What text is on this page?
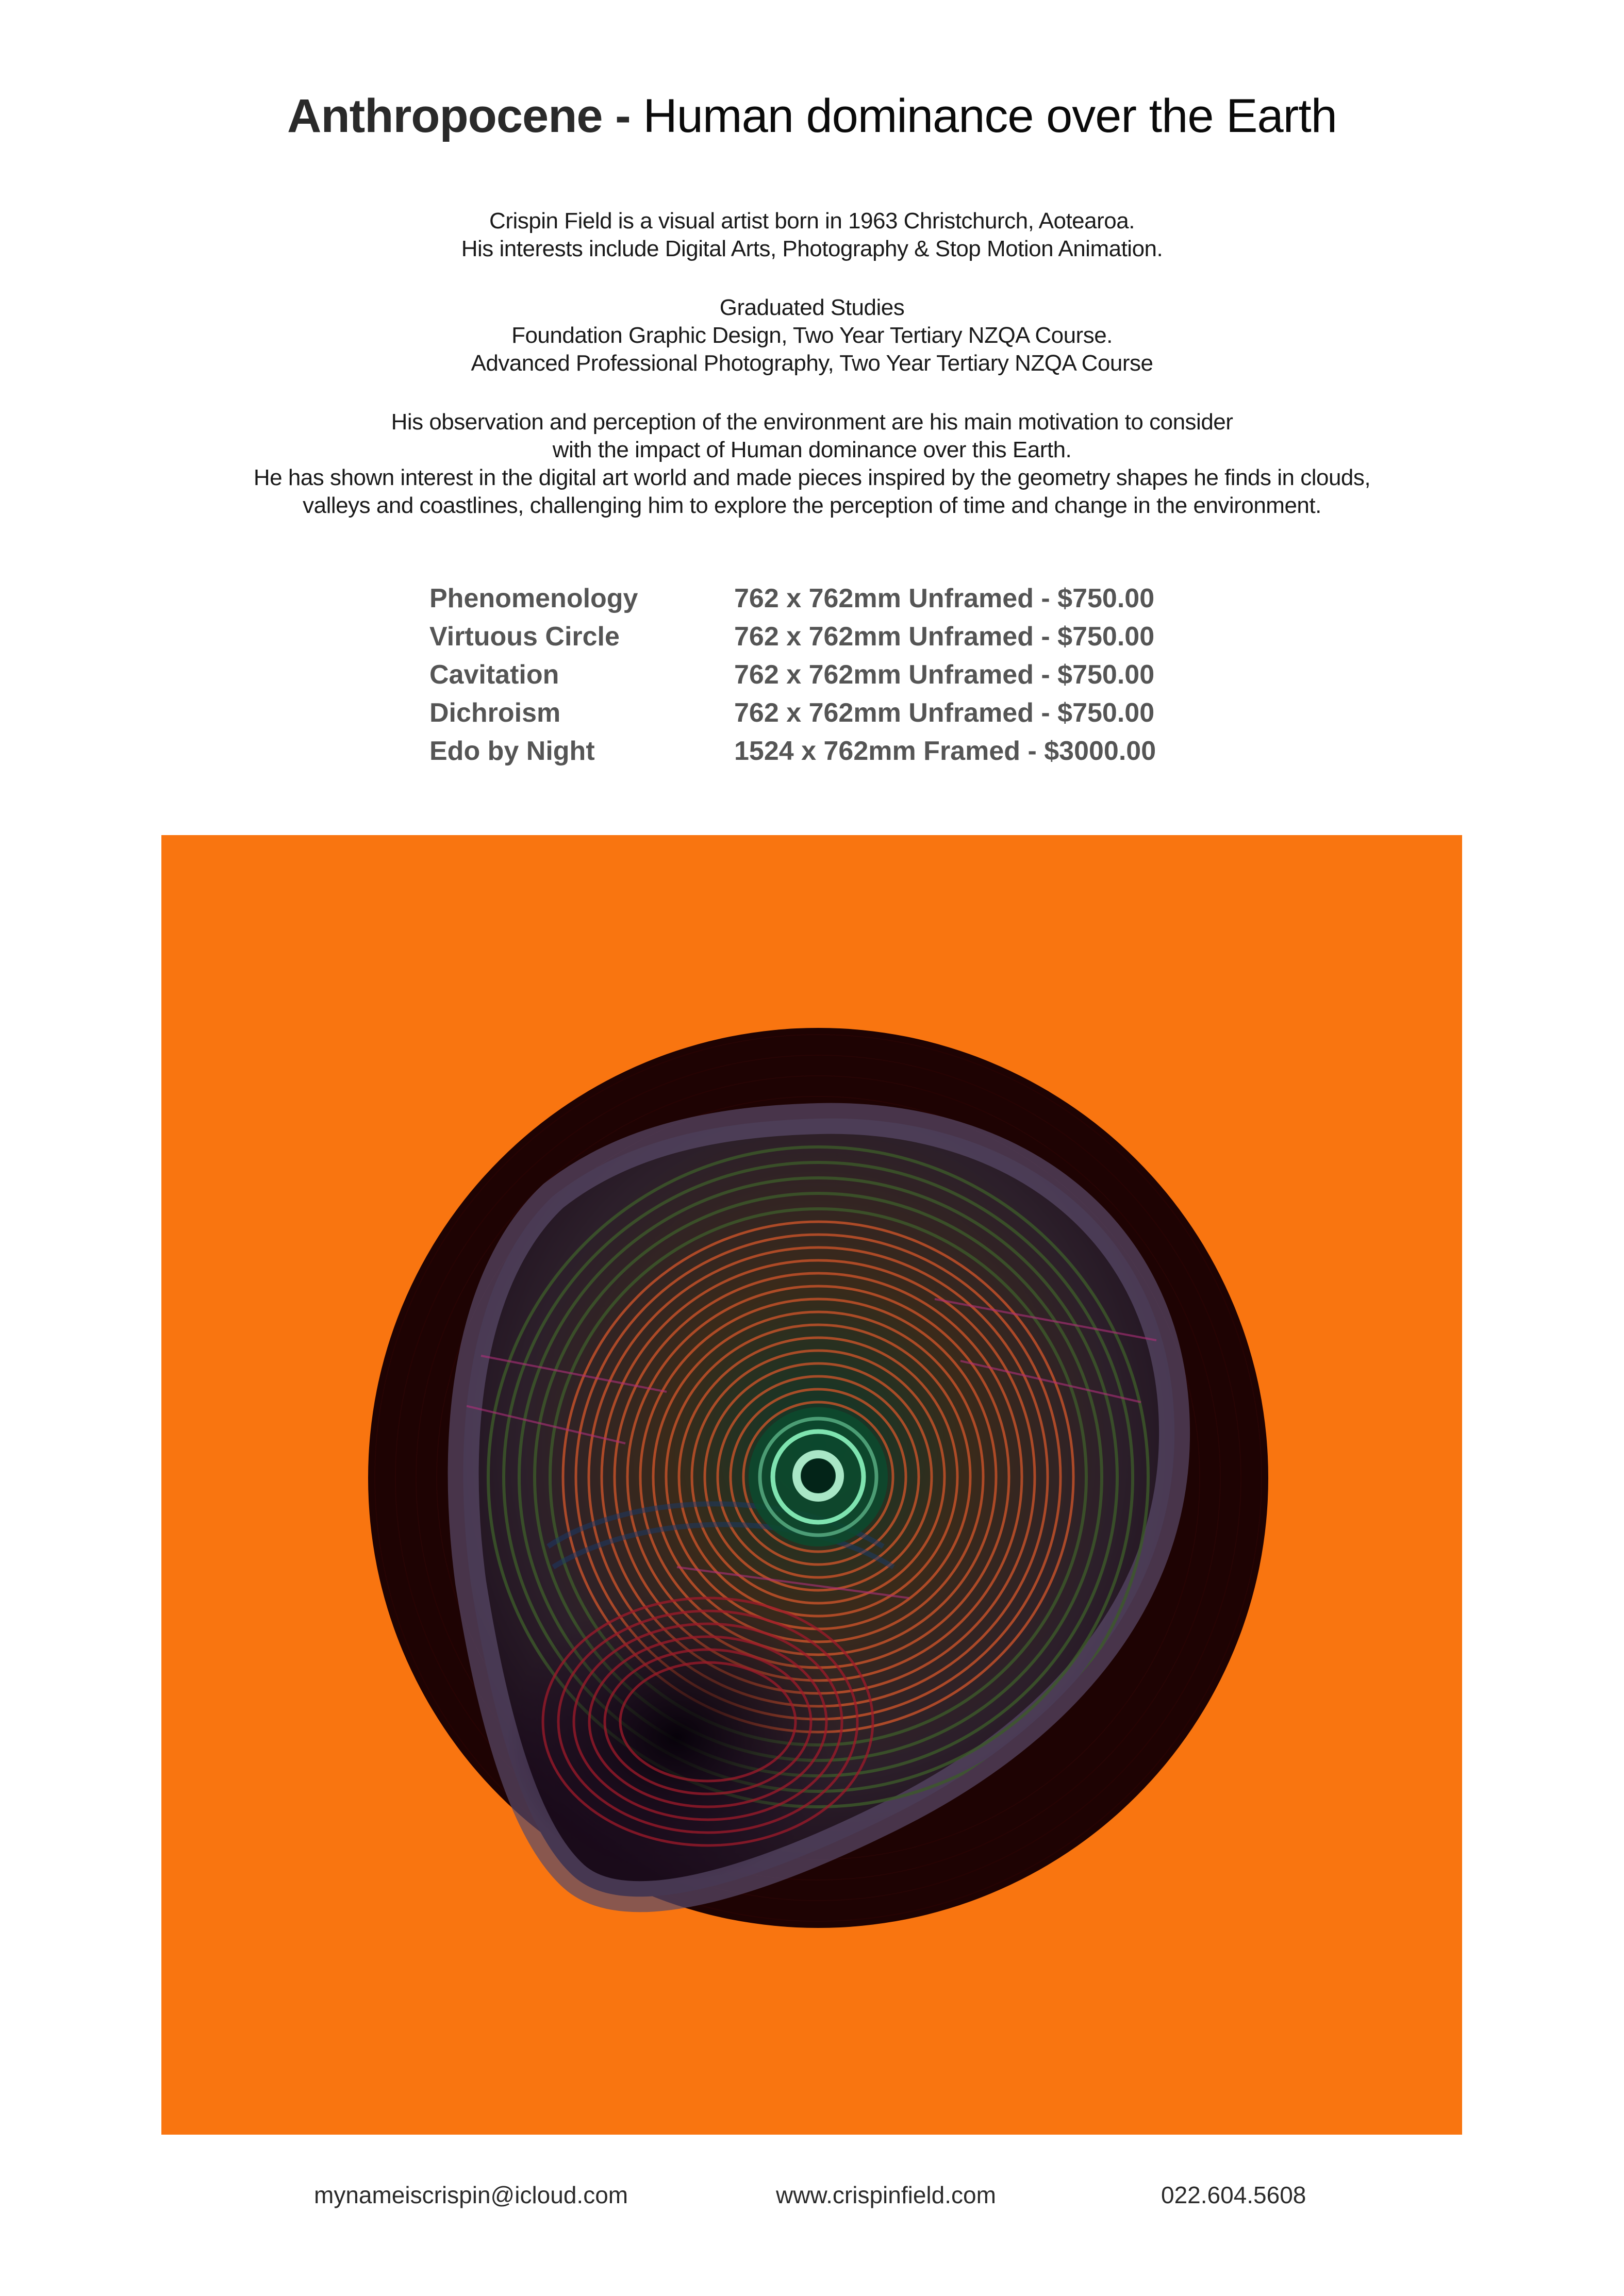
Anthropocene - Human dominance over the Earth

Crispin Field is a visual artist born in 1963 Christchurch, Aotearoa.

His interests include Digital Arts, Photography & Stop Motion Animation.

Graduated Studies

Foundation Graphic Design, Two Year Tertiary NZQA Course.

Advanced Professional Photography, Two Year Tertiary NZQA Course

His observation and perception of the environment are his main motivation to consider

with the impact of Human dominance over this Earth.

He has shown interest in the digital art world and made pieces inspired by the geometry shapes he finds in clouds,

valleys and coastlines, challenging him to explore the perception of time and change in the environment.

Phenomenology	762 x 762mm Unframed - $750.00
Virtuous Circle	762 x 762mm Unframed - $750.00
Cavitation	762 x 762mm Unframed - $750.00
Dichroism	762 x 762mm Unframed - $750.00
Edo by Night	1524 x 762mm Framed - $3000.00
mynameiscrispin@icloud.com	www.crispinfield.com	022.604.5608
